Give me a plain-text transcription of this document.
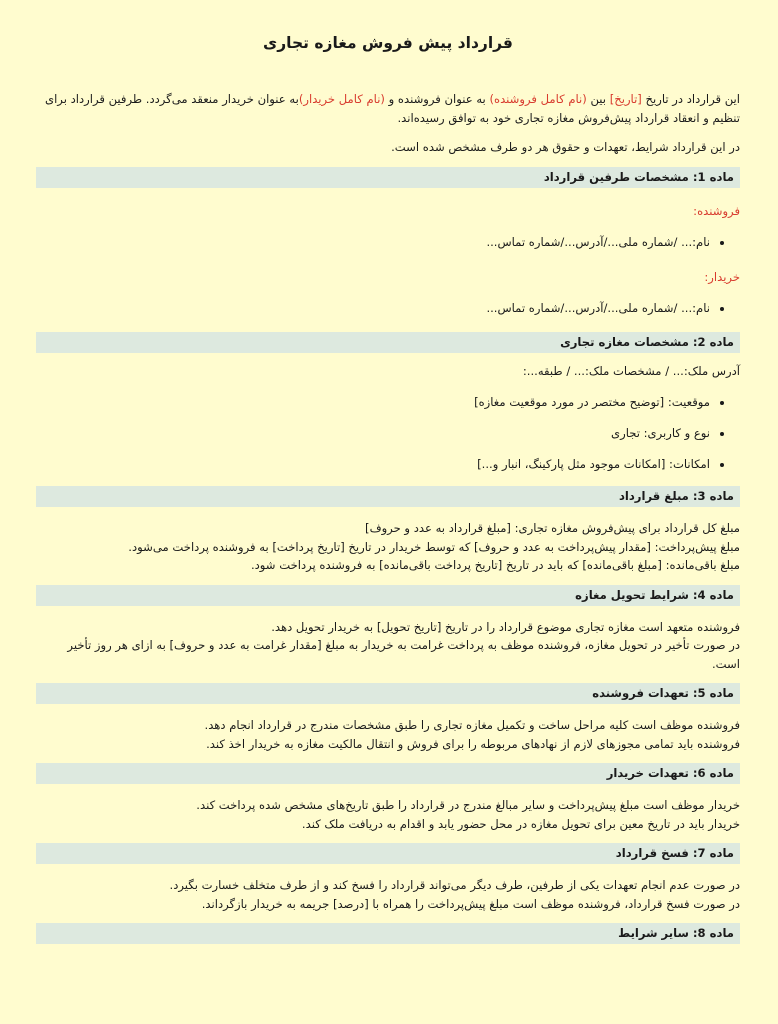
قرارداد پیش فروش مغازه تجاری
این قرارداد در تاریخ [تاریخ] بین (نام کامل فروشنده) به عنوان فروشنده و (نام کامل خریدار)به عنوان خریدار منعقد می‌گردد. طرفین قرارداد برای تنظیم و انعقاد قرارداد پیش‌فروش مغازه تجاری خود به توافق رسیده‌اند.

در این قرارداد شرایط، تعهدات و حقوق هر دو طرف مشخص شده است.

ماده 1: مشخصات طرفین قرارداد
فروشنده:
• نام:... /شماره ملی.../آدرس.../شماره تماس...
خریدار:
• نام:... /شماره ملی.../آدرس.../شماره تماس...
ماده 2: مشخصات مغازه تجاری

آدرس ملک:... / مشخصات ملک:... / طبقه...:

• موقعیت: [توضیح مختصر در مورد موقعیت مغازه]
• نوع و کاربری: تجاری
• امکانات: [امکانات موجود مثل پارکینگ، انبار و...]
ماده 3: مبلغ قرارداد

مبلغ کل قرارداد برای پیش‌فروش مغازه تجاری: [مبلغ قرارداد به عدد و حروف]

مبلغ پیش‌پرداخت: [مقدار پیش‌پرداخت به عدد و حروف] که توسط خریدار در تاریخ [تاریخ پرداخت] به فروشنده پرداخت می‌شود.

مبلغ باقی‌مانده: [مبلغ باقی‌مانده] که باید در تاریخ [تاریخ پرداخت باقی‌مانده] به فروشنده پرداخت شود.

ماده 4: شرایط تحویل مغازه

فروشنده متعهد است مغازه تجاری موضوع قرارداد را در تاریخ [تاریخ تحویل] به خریدار تحویل دهد.

در صورت تأخیر در تحویل مغازه، فروشنده موظف به پرداخت غرامت به خریدار به مبلغ [مقدار غرامت به عدد و حروف] به ازای هر روز تأخیر است.

ماده 5: تعهدات فروشنده

فروشنده موظف است کلیه مراحل ساخت و تکمیل مغازه تجاری را طبق مشخصات مندرج در قرارداد انجام دهد.

فروشنده باید تمامی مجوزهای لازم از نهادهای مربوطه را برای فروش و انتقال مالکیت مغازه به خریدار اخذ کند.

ماده 6: تعهدات خریدار

خریدار موظف است مبلغ پیش‌پرداخت و سایر مبالغ مندرج در قرارداد را طبق تاریخ‌های مشخص شده پرداخت کند.

خریدار باید در تاریخ معین برای تحویل مغازه در محل حضور یابد و اقدام به دریافت ملک کند.

ماده 7: فسخ قرارداد

در صورت عدم انجام تعهدات یکی از طرفین، طرف دیگر می‌تواند قرارداد را فسخ کند و از طرف متخلف خسارت بگیرد.

در صورت فسخ قرارداد، فروشنده موظف است مبلغ پیش‌پرداخت را همراه با [درصد] جریمه به خریدار بازگرداند.

ماده 8: سایر شرایط
